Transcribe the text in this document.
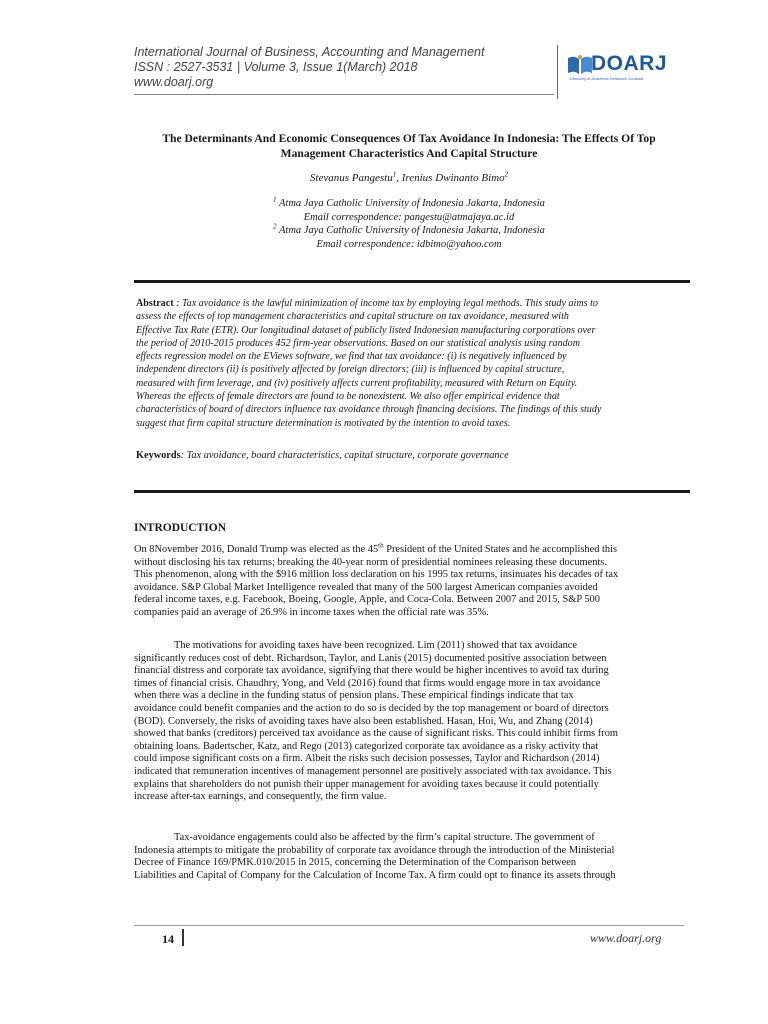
International Journal of Business, Accounting and Management
ISSN : 2527-3531 | Volume 3, Issue 1(March) 2018
www.doarj.org
DOARJ
Directory of Academic Research Journals
The Determinants And Economic Consequences Of Tax Avoidance In Indonesia: The Effects Of Top
Management Characteristics And Capital Structure
Stevanus Pangestu$^1$, Irenius Dwinanto Bimo$^2$
$^1$ Atma Jaya Catholic University of Indonesia Jakarta, Indonesia
Email correspondence: pangestu@atmajaya.ac.id
$^2$ Atma Jaya Catholic University of Indonesia Jakarta, Indonesia
Email correspondence: idbimo@yahoo.com
Abstract : Tax avoidance is the lawful minimization of income tax by employing legal methods. This study aims to
assess the effects of top management characteristics and capital structure on tax avoidance, measured with
Effective Tax Rate (ETR). Our longitudinal dataset of publicly listed Indonesian manufacturing corporations over
the period of 2010-2015 produces 452 firm-year observations. Based on our statistical analysis using random
effects regression model on the EViews software, we find that tax avoidance: (i) is negatively influenced by
independent directors (ii) is positively affected by foreign directors; (iii) is influenced by capital structure,
measured with firm leverage, and (iv) positively affects current profitability, measured with Return on Equity.
Whereas the effects of female directors are found to be nonexistent. We also offer empirical evidence that
characteristics of board of directors influence tax avoidance through financing decisions. The findings of this study
suggest that firm capital structure determination is motivated by the intention to avoid taxes.
Keywords: Tax avoidance, board characteristics, capital structure, corporate governance
INTRODUCTION
On 8November 2016, Donald Trump was elected as the 45th President of the United States and he accomplished this
without disclosing his tax returns; breaking the 40-year norm of presidential nominees releasing these documents.
This phenomenon, along with the $916 million loss declaration on his 1995 tax returns, insinuates his decades of tax
avoidance. S&P Global Market Intelligence revealed that many of the 500 largest American companies avoided
federal income taxes, e.g. Facebook, Boeing, Google, Apple, and Coca-Cola. Between 2007 and 2015, S&P 500
companies paid an average of 26.9% in income taxes when the official rate was 35%.
The motivations for avoiding taxes have been recognized. Lim (2011) showed that tax avoidance
significantly reduces cost of debt. Richardson, Taylor, and Lanis (2015) documented positive association between
financial distress and corporate tax avoidance, signifying that there would be higher incentives to avoid tax during
times of financial crisis. Chaudhry, Yong, and Veld (2016) found that firms would engage more in tax avoidance
when there was a decline in the funding status of pension plans. These empirical findings indicate that tax
avoidance could benefit companies and the action to do so is decided by the top management or board of directors
(BOD). Conversely, the risks of avoiding taxes have also been established. Hasan, Hoi, Wu, and Zhang (2014)
showed that banks (creditors) perceived tax avoidance as the cause of significant risks. This could inhibit firms from
obtaining loans. Badertscher, Katz, and Rego (2013) categorized corporate tax avoidance as a risky activity that
could impose significant costs on a firm. Albeit the risks such decision possesses, Taylor and Richardson (2014)
indicated that remuneration incentives of management personnel are positively associated with tax avoidance. This
explains that shareholders do not punish their upper management for avoiding taxes because it could potentially
increase after-tax earnings, and consequently, the firm value.
Tax-avoidance engagements could also be affected by the firm’s capital structure. The government of
Indonesia attempts to mitigate the probability of corporate tax avoidance through the introduction of the Ministerial
Decree of Finance 169/PMK.010/2015 in 2015, concerning the Determination of the Comparison between
Liabilities and Capital of Company for the Calculation of Income Tax. A firm could opt to finance its assets through
14	www.doarj.org
